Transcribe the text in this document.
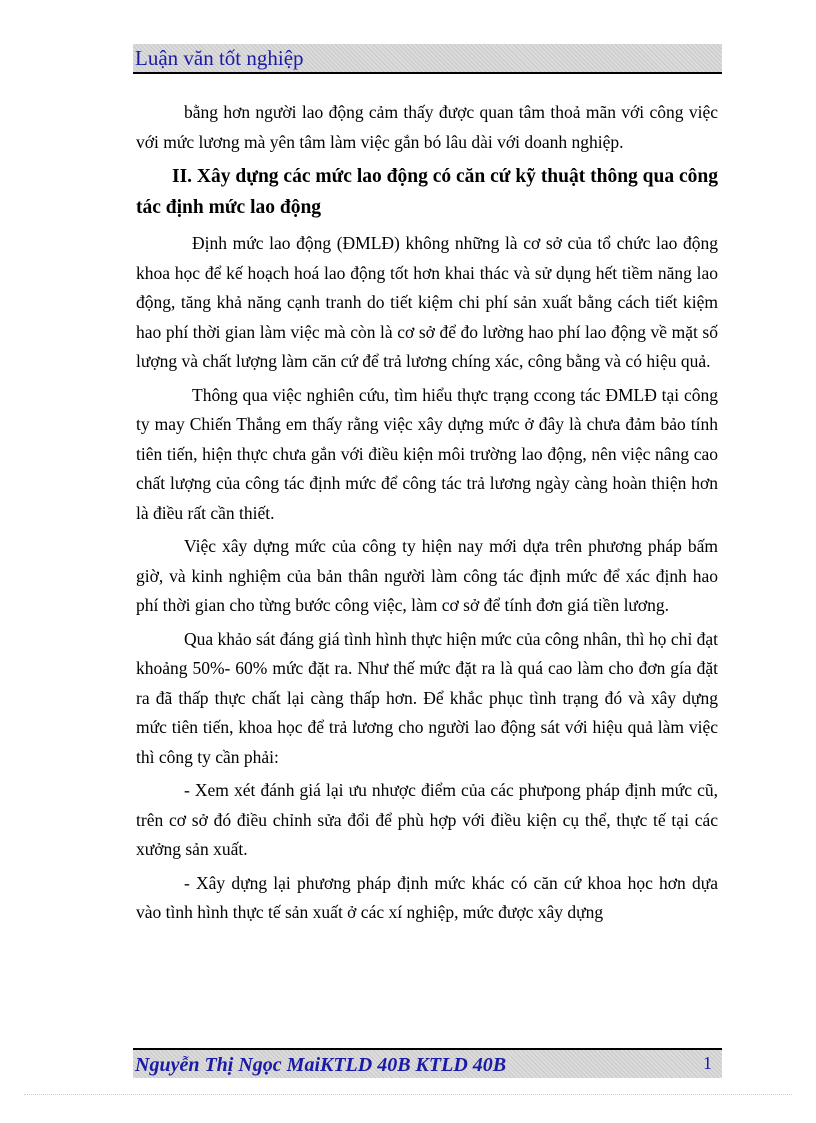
Luận văn tốt nghiệp

bằng hơn người lao động cảm thấy được quan tâm thoả mãn với công việc với mức lương mà yên tâm làm việc gắn bó lâu dài với doanh nghiệp.

II. Xây dựng các mức lao động có căn cứ kỹ thuật thông qua công tác định mức lao động

Định mức lao động (ĐMLĐ) không những là cơ sở của tổ chức lao động khoa học để kế hoạch hoá lao động tốt hơn khai thác và sử dụng hết tiềm năng lao động, tăng khả năng cạnh tranh do tiết kiệm chi phí sản xuất bằng cách tiết kiệm hao phí thời gian làm việc mà còn là cơ sở để đo lường hao phí lao động về mặt số lượng và chất lượng làm căn cứ để trả lương chíng xác, công bằng và có hiệu quả.

Thông qua việc nghiên cứu, tìm hiểu thực trạng ccong tác ĐMLĐ tại công ty may Chiến Thắng em thấy rằng việc xây dựng mức ở đây là chưa đảm bảo tính tiên tiến, hiện thực chưa gắn với điều kiện môi trường lao động, nên việc nâng cao chất lượng của công tác định mức để công tác trả lương ngày càng hoàn thiện hơn là điều rất cần thiết.

Việc xây dựng mức của công ty hiện nay mới dựa trên phương pháp bấm giờ, và kinh nghiệm của bản thân người làm công tác định mức để xác định hao phí thời gian cho từng bước công việc, làm cơ sở để tính đơn giá tiền lương.

Qua khảo sát đáng giá tình hình thực hiện mức của công nhân, thì họ chỉ đạt khoảng 50%- 60% mức đặt ra. Như thế mức đặt ra là quá cao làm cho đơn gía đặt ra đã thấp thực chất lại càng thấp hơn. Để khắc phục tình trạng đó và xây dựng mức tiên tiến, khoa học để trả lương cho người lao động sát với hiệu quả làm việc thì công ty cần phải:

- Xem xét đánh giá lại ưu nhược điểm của các phưpong pháp định mức cũ, trên cơ sở đó điều chỉnh sửa đổi để phù hợp với điều kiện cụ thể, thực tế tại các xưởng sản xuất.

- Xây dựng lại phương pháp định mức khác có căn cứ khoa học hơn dựa vào tình hình thực tế sản xuất ở các xí nghiệp, mức được xây dựng

Nguyễn Thị Ngọc MaiKTLD 40B KTLD 40B	1
